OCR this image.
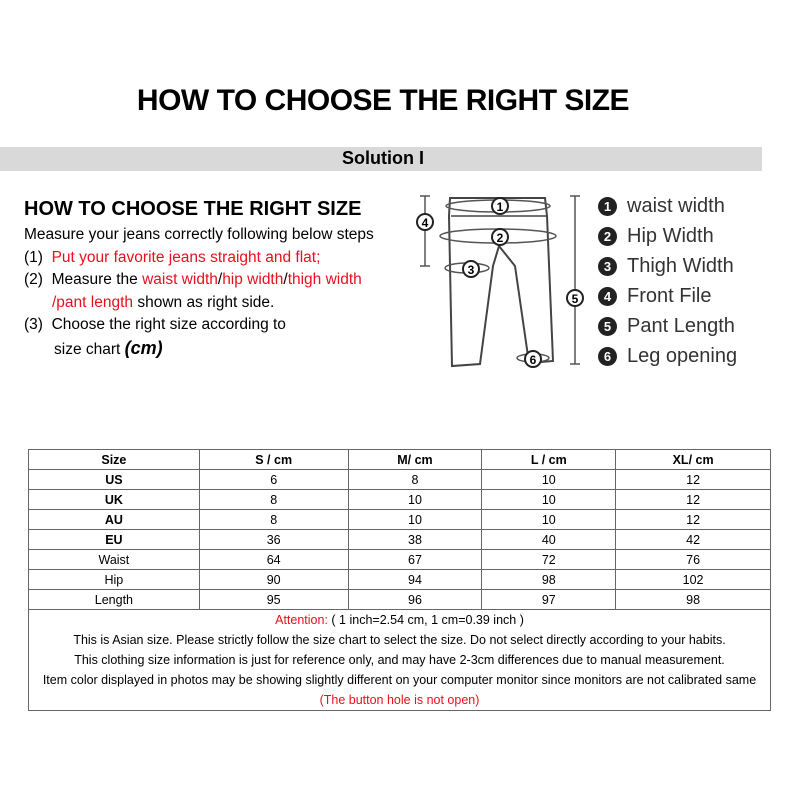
HOW TO CHOOSE THE RIGHT SIZE
Solution I
HOW TO CHOOSE THE RIGHT SIZE
Measure your jeans correctly following below steps
(1) Put your favorite jeans straight and flat;
(2) Measure the waist width/hip width/thigh width
/pant length shown as right side.
(3) Choose the right size according to
size chart (cm)
1
2
3
4
5
6
1 waist width
2 Hip Width
3 Thigh Width
4 Front File
5 Pant Length
6 Leg opening
Size	S / cm	M/ cm	L / cm	XL/ cm
US	6	8	10	12
UK	8	10	10	12
AU	8	10	10	12
EU	36	38	40	42
Waist	64	67	72	76
Hip	90	94	98	102
Length	95	96	97	98

Attention: ( 1 inch=2.54 cm, 1 cm=0.39 inch )
This is Asian size. Please strictly follow the size chart to select the size. Do not select directly according to your habits.
This clothing size information is just for reference only, and may have 2-3cm differences due to manual measurement.
Item color displayed in photos may be showing slightly different on your computer monitor since monitors are not calibrated same
(The button hole is not open)				
